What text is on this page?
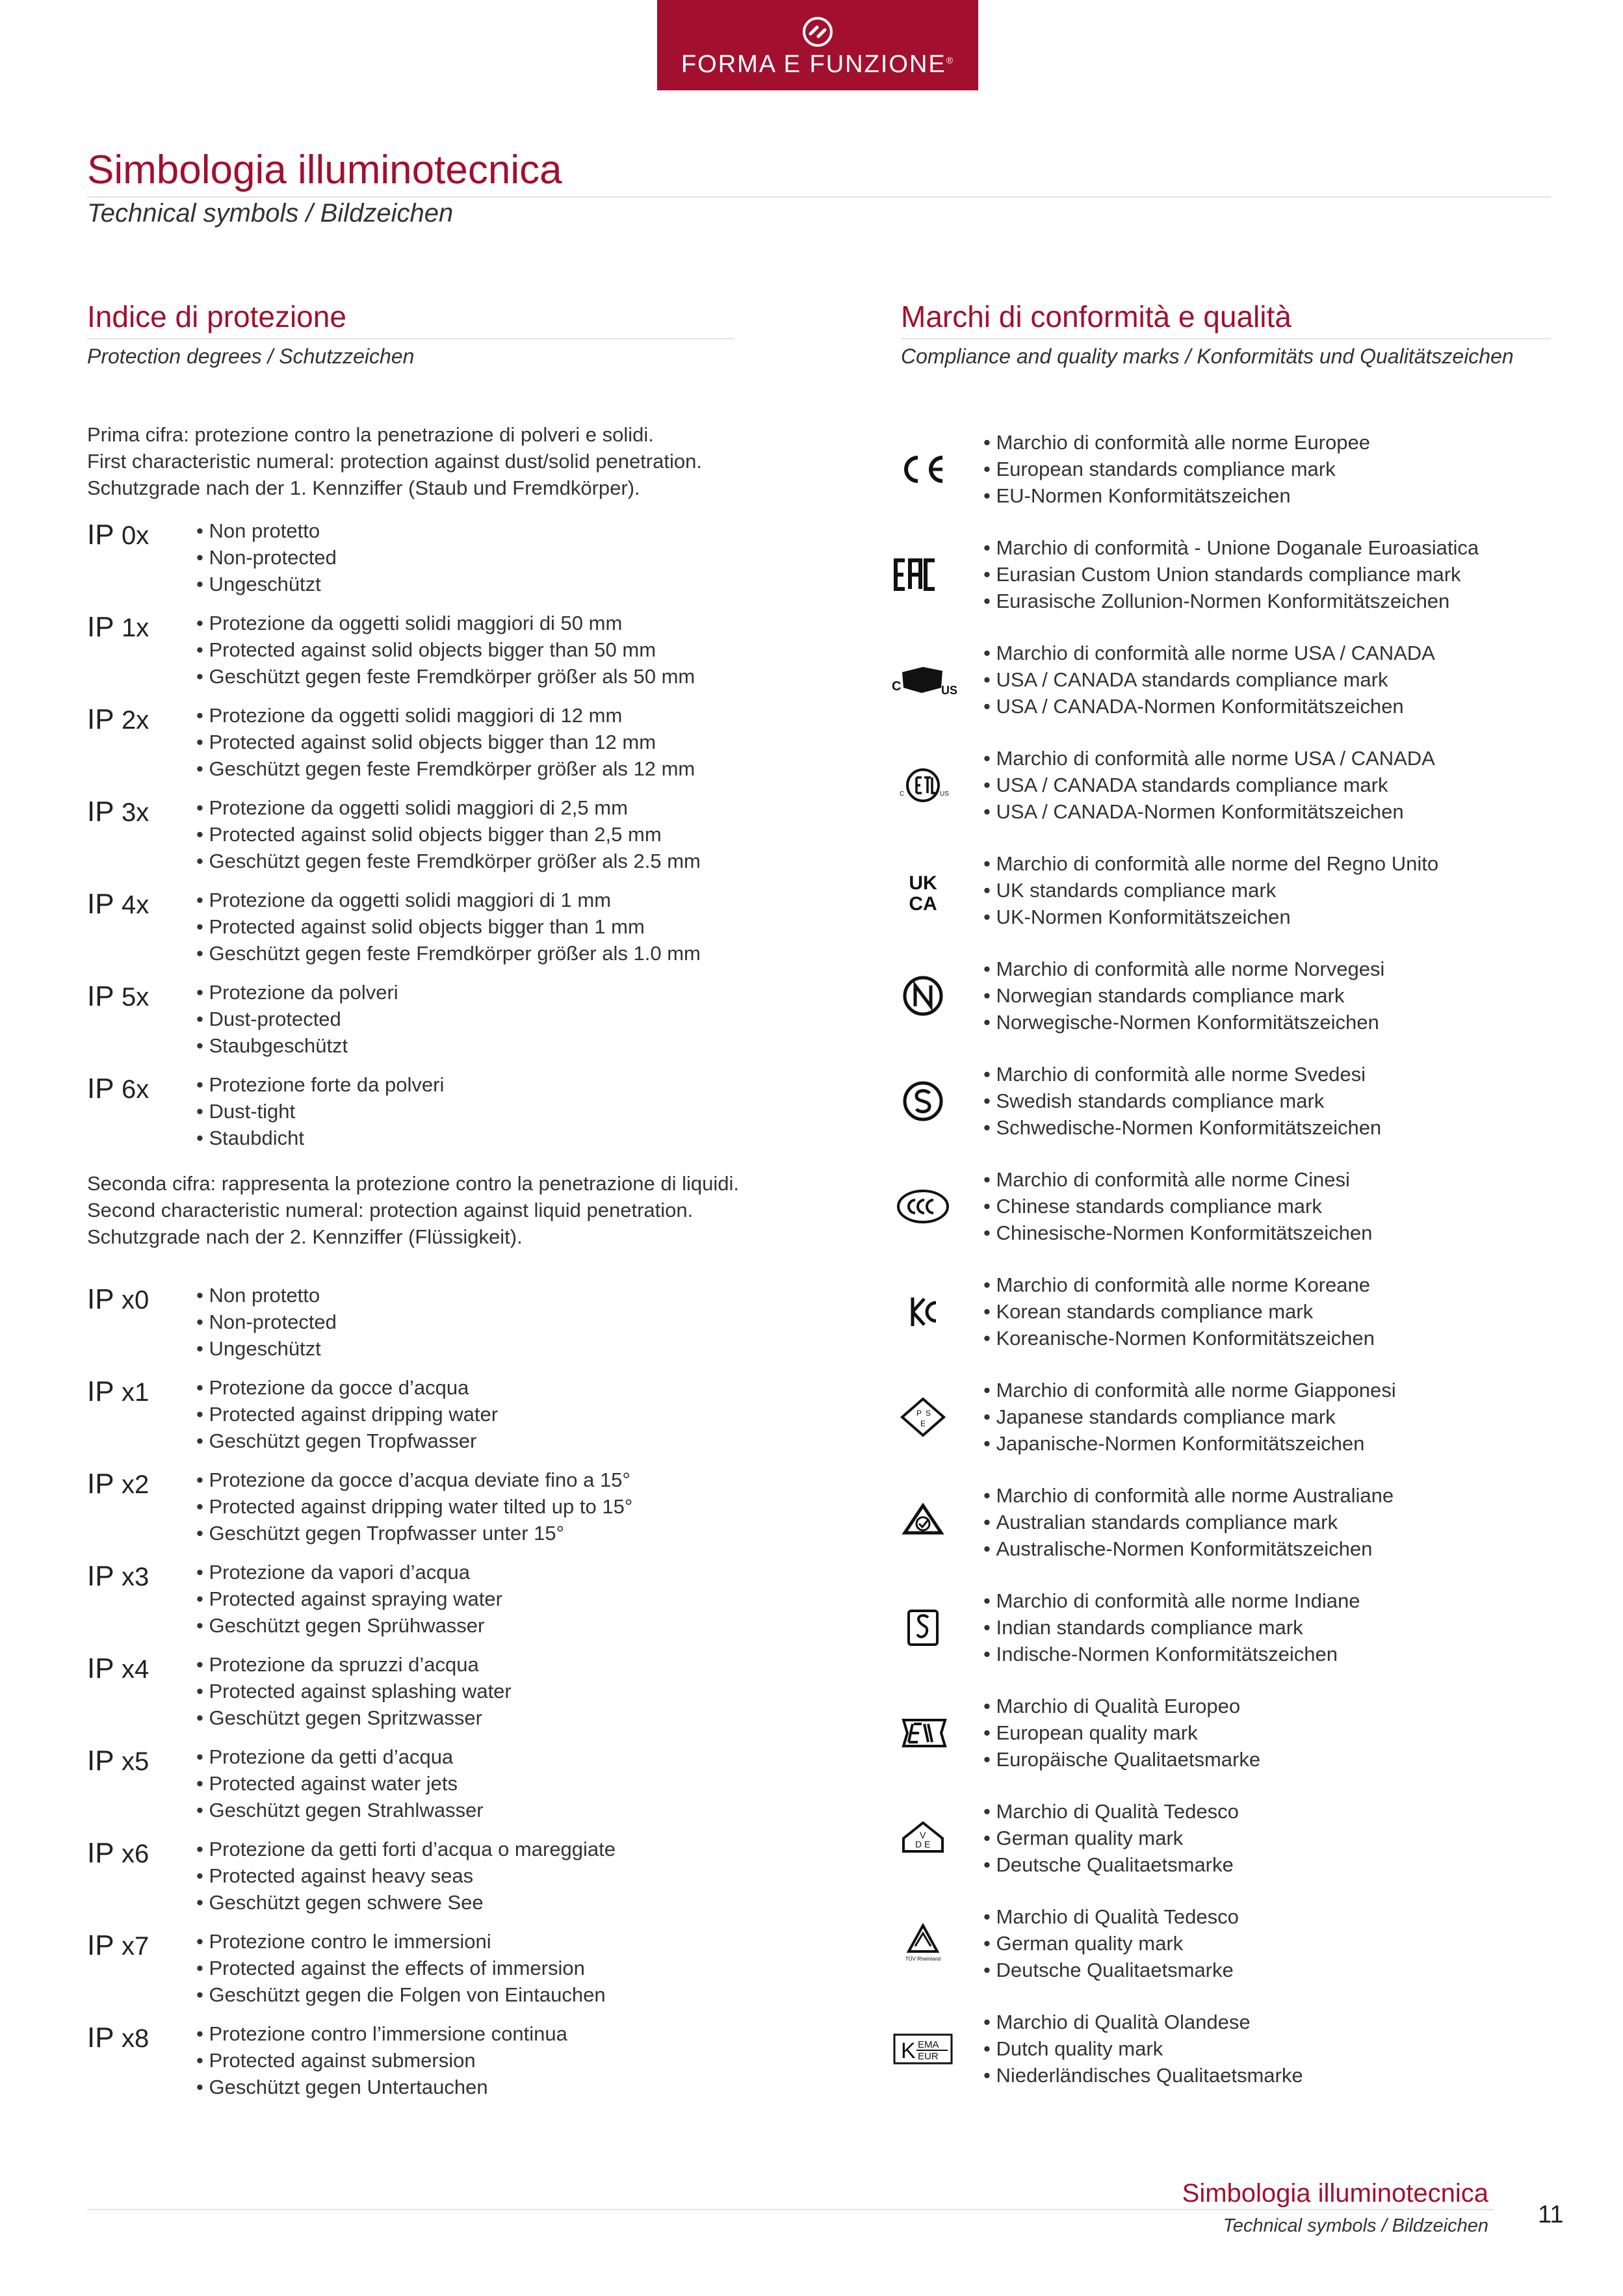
FORMA E FUNZIONE®
Simbologia illuminotecnica
Technical symbols / Bildzeichen
Indice di protezione
Protection degrees / Schutzzeichen
Marchi di conformità e qualità
Compliance and quality marks / Konformitäts und Qualitätszeichen
Prima cifra: protezione contro la penetrazione di polveri e solidi.
First characteristic numeral: protection against dust/solid penetration.
Schutzgrade nach der 1. Kennziffer (Staub und Fremdkörper).
IP 0x	• Non protetto
• Non-protected
• Ungeschützt
IP 1x	• Protezione da oggetti solidi maggiori di 50 mm
• Protected against solid objects bigger than 50 mm
• Geschützt gegen feste Fremdkörper größer als 50 mm
IP 2x	• Protezione da oggetti solidi maggiori di 12 mm
• Protected against solid objects bigger than 12 mm
• Geschützt gegen feste Fremdkörper größer als 12 mm
IP 3x	• Protezione da oggetti solidi maggiori di 2,5 mm
• Protected against solid objects bigger than 2,5 mm
• Geschützt gegen feste Fremdkörper größer als 2.5 mm
IP 4x	• Protezione da oggetti solidi maggiori di 1 mm
• Protected against solid objects bigger than 1 mm
• Geschützt gegen feste Fremdkörper größer als 1.0 mm
IP 5x	• Protezione da polveri
• Dust-protected
• Staubgeschützt
IP 6x	• Protezione forte da polveri
• Dust-tight
• Staubdicht
Seconda cifra: rappresenta la protezione contro la penetrazione di liquidi.
Second characteristic numeral: protection against liquid penetration.
Schutzgrade nach der 2. Kennziffer (Flüssigkeit).
IP x0	• Non protetto
• Non-protected
• Ungeschützt
IP x1	• Protezione da gocce d’acqua
• Protected against dripping water
• Geschützt gegen Tropfwasser
IP x2	• Protezione da gocce d’acqua deviate fino a 15°
• Protected against dripping water tilted up to 15°
• Geschützt gegen Tropfwasser unter 15°
IP x3	• Protezione da vapori d’acqua
• Protected against spraying water
• Geschützt gegen Sprühwasser
IP x4	• Protezione da spruzzi d’acqua
• Protected against splashing water
• Geschützt gegen Spritzwasser
IP x5	• Protezione da getti d’acqua
• Protected against water jets
• Geschützt gegen Strahlwasser
IP x6	• Protezione da getti forti d’acqua o mareggiate
• Protected against heavy seas
• Geschützt gegen schwere See
IP x7	• Protezione contro le immersioni
• Protected against the effects of immersion
• Geschützt gegen die Folgen von Eintauchen
IP x8	• Protezione contro l’immersione continua
• Protected against submersion
• Geschützt gegen Untertauchen
• Marchio di conformità alle norme Europee
• European standards compliance mark
• EU-Normen Konformitätszeichen
• Marchio di conformità - Unione Doganale Euroasiatica
• Eurasian Custom Union standards compliance mark
• Eurasische Zollunion-Normen Konformitätszeichen
C	US
• Marchio di conformità alle norme USA / CANADA
• USA / CANADA standards compliance mark
• USA / CANADA-Normen Konformitätszeichen
C	US
• Marchio di conformità alle norme USA / CANADA
• USA / CANADA standards compliance mark
• USA / CANADA-Normen Konformitätszeichen
UK
CA
• Marchio di conformità alle norme del Regno Unito
• UK standards compliance mark
• UK-Normen Konformitätszeichen
• Marchio di conformità alle norme Norvegesi
• Norwegian standards compliance mark
• Norwegische-Normen Konformitätszeichen
• Marchio di conformità alle norme Svedesi
• Swedish standards compliance mark
• Schwedische-Normen Konformitätszeichen
• Marchio di conformità alle norme Cinesi
• Chinese standards compliance mark
• Chinesische-Normen Konformitätszeichen
• Marchio di conformità alle norme Koreane
• Korean standards compliance mark
• Koreanische-Normen Konformitätszeichen
P S
E
• Marchio di conformità alle norme Giapponesi
• Japanese standards compliance mark
• Japanische-Normen Konformitätszeichen
• Marchio di conformità alle norme Australiane
• Australian standards compliance mark
• Australische-Normen Konformitätszeichen
• Marchio di conformità alle norme Indiane
• Indian standards compliance mark
• Indische-Normen Konformitätszeichen
• Marchio di Qualità Europeo
• European quality mark
• Europäische Qualitaetsmarke
V
D E
• Marchio di Qualità Tedesco
• German quality mark
• Deutsche Qualitaetsmarke
TÜV Rheinland
• Marchio di Qualità Tedesco
• German quality mark
• Deutsche Qualitaetsmarke
K EMA
EUR
• Marchio di Qualità Olandese
• Dutch quality mark
• Niederländisches Qualitaetsmarke
Simbologia illuminotecnica
Technical symbols / Bildzeichen 11
